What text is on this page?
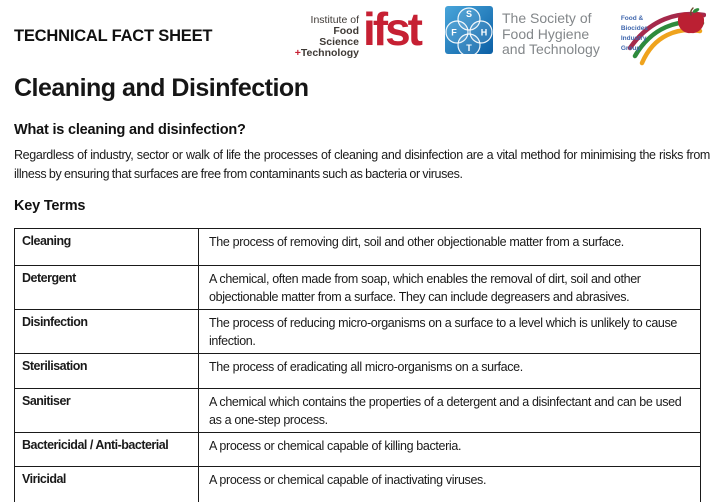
TECHNICAL FACT SHEET
Institute of
Food Science
+Technology ifst	S
F	H
T
The Society of
Food Hygiene
and Technology
Food &
Biocides
Industry
Group
Cleaning and Disinfection
What is cleaning and disinfection?
Regardless of industry, sector or walk of life the processes of cleaning and disinfection are a vital method for minimising the risks from illness by ensuring that surfaces are free from contaminants such as bacteria or viruses.
Key Terms
Cleaning	The process of removing dirt, soil and other objectionable matter from a surface.
Detergent	A chemical, often made from soap, which enables the removal of dirt, soil and other objectionable matter from a surface. They can include degreasers and abrasives.
Disinfection	The process of reducing micro-organisms on a surface to a level which is unlikely to cause infection.
Sterilisation	The process of eradicating all micro-organisms on a surface.
Sanitiser	A chemical which contains the properties of a detergent and a disinfectant and can be used as a one-step process.
Bactericidal / Anti-bacterial	A process or chemical capable of killing bacteria.
Viricidal	A process or chemical capable of inactivating viruses.
